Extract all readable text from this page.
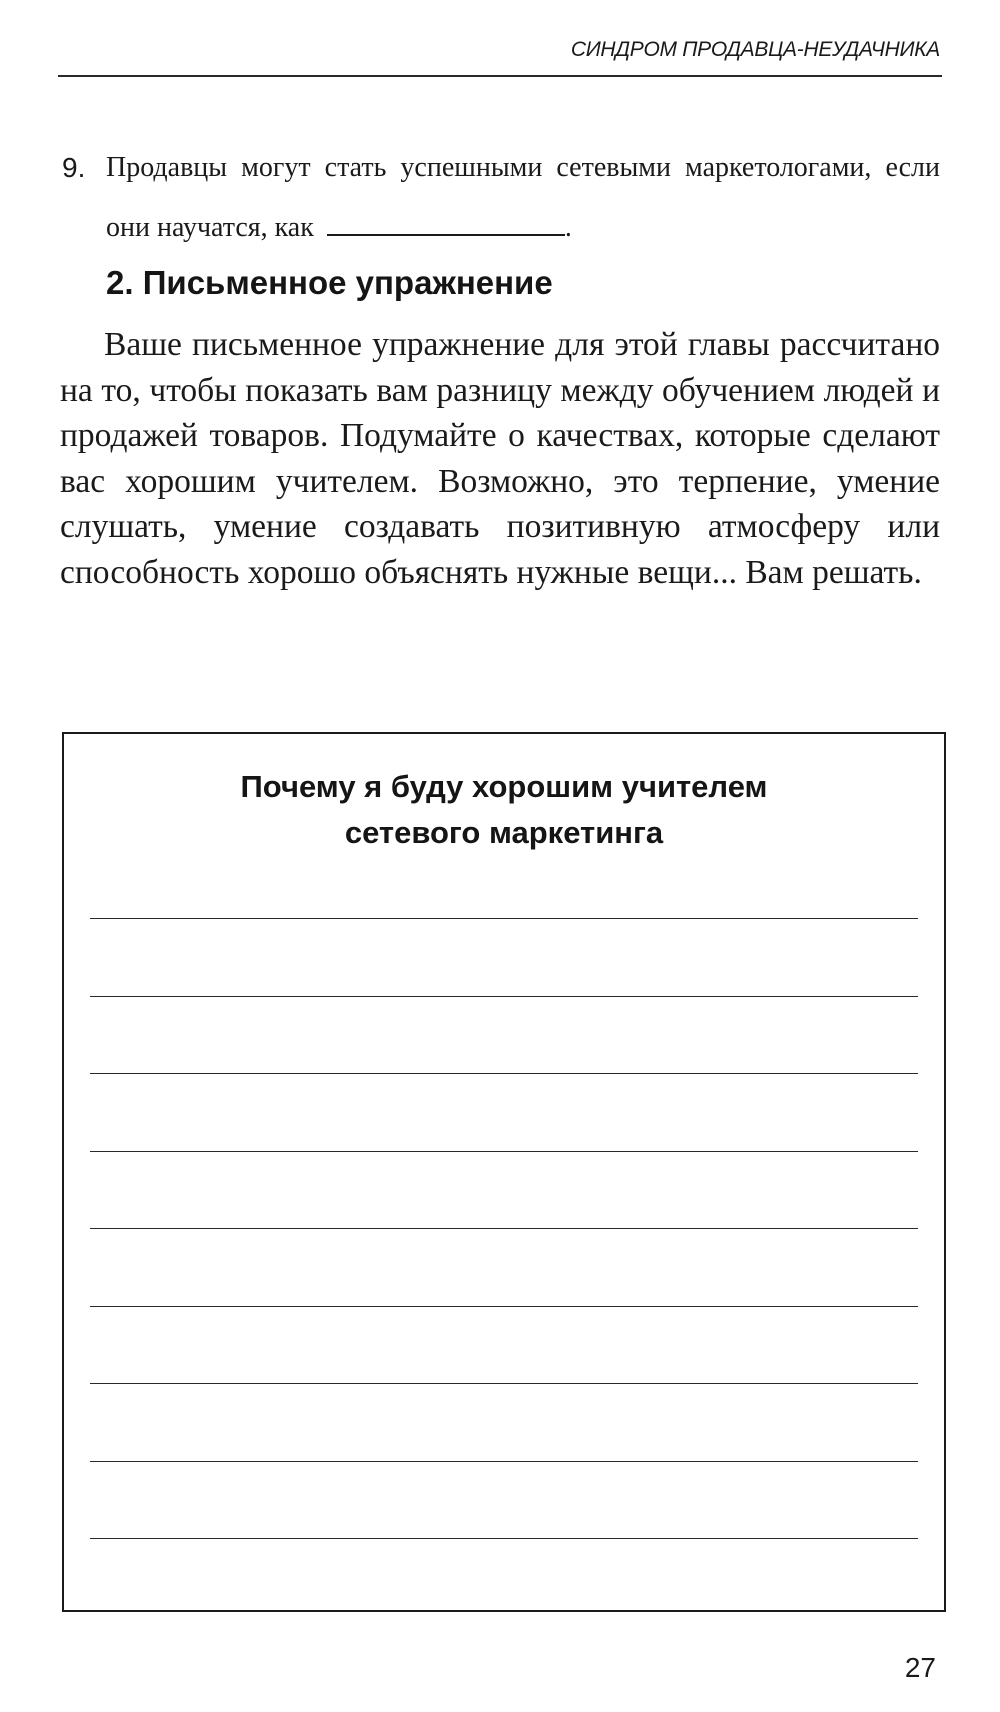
СИНДРОМ ПРОДАВЦА-НЕУДАЧНИКА
9. Продавцы могут стать успешными сетевыми маркетологами, если они научатся, как	.
2. Письменное упражнение
Ваше письменное упражнение для этой главы рассчитано на то, чтобы показать вам разницу между обучением людей и продажей товаров. Подумайте о качествах, которые сделают вас хорошим учителем. Возможно, это терпение, умение слушать, умение создавать позитивную атмосферу или способность хорошо объяснять нужные вещи... Вам решать.
Почему я буду хорошим учителем
сетевого маркетинга
27
